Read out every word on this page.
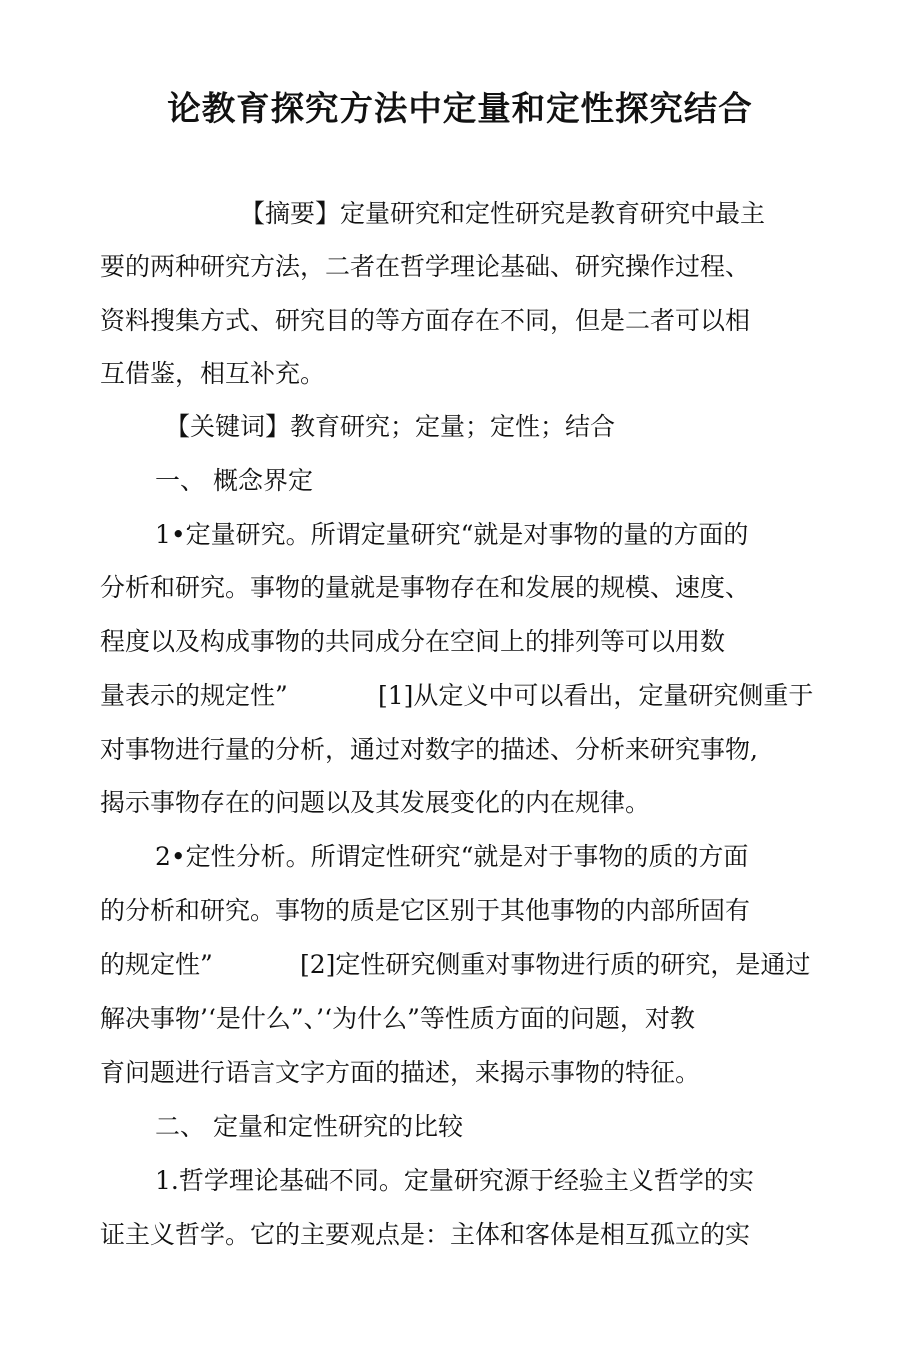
论教育探究方法中定量和定性探究结合
【摘要】定量研究和定性研究是教育研究中最主
要的两种研究方法，二者在哲学理论基础、研究操作过程、
资料搜集方式、研究目的等方面存在不同，但是二者可以相
互借鉴，相互补充。
【关键词】教育研究；定量；定性；结合
一、 概念界定
1•定量研究。所谓定量研究“就是对事物的量的方面的
分析和研究。事物的量就是事物存在和发展的规模、速度、
程度以及构成事物的共同成分在空间上的排列等可以用数
量表示的规定性”	[1]从定义中可以看出，定量研究侧重于
对事物进行量的分析，通过对数字的描述、分析来研究事物,
揭示事物存在的问题以及其发展变化的内在规律。
2•定性分析。所谓定性研究“就是对于事物的质的方面
的分析和研究。事物的质是它区别于其他事物的内部所固有
的规定性”	[2]定性研究侧重对事物进行质的研究，是通过
解决事物’‘是什么”、’‘为什么”等性质方面的问题，对教
育问题进行语言文字方面的描述，来揭示事物的特征。
二、 定量和定性研究的比较
1.哲学理论基础不同。定量研究源于经验主义哲学的实
证主义哲学。它的主要观点是：主体和客体是相互孤立的实
